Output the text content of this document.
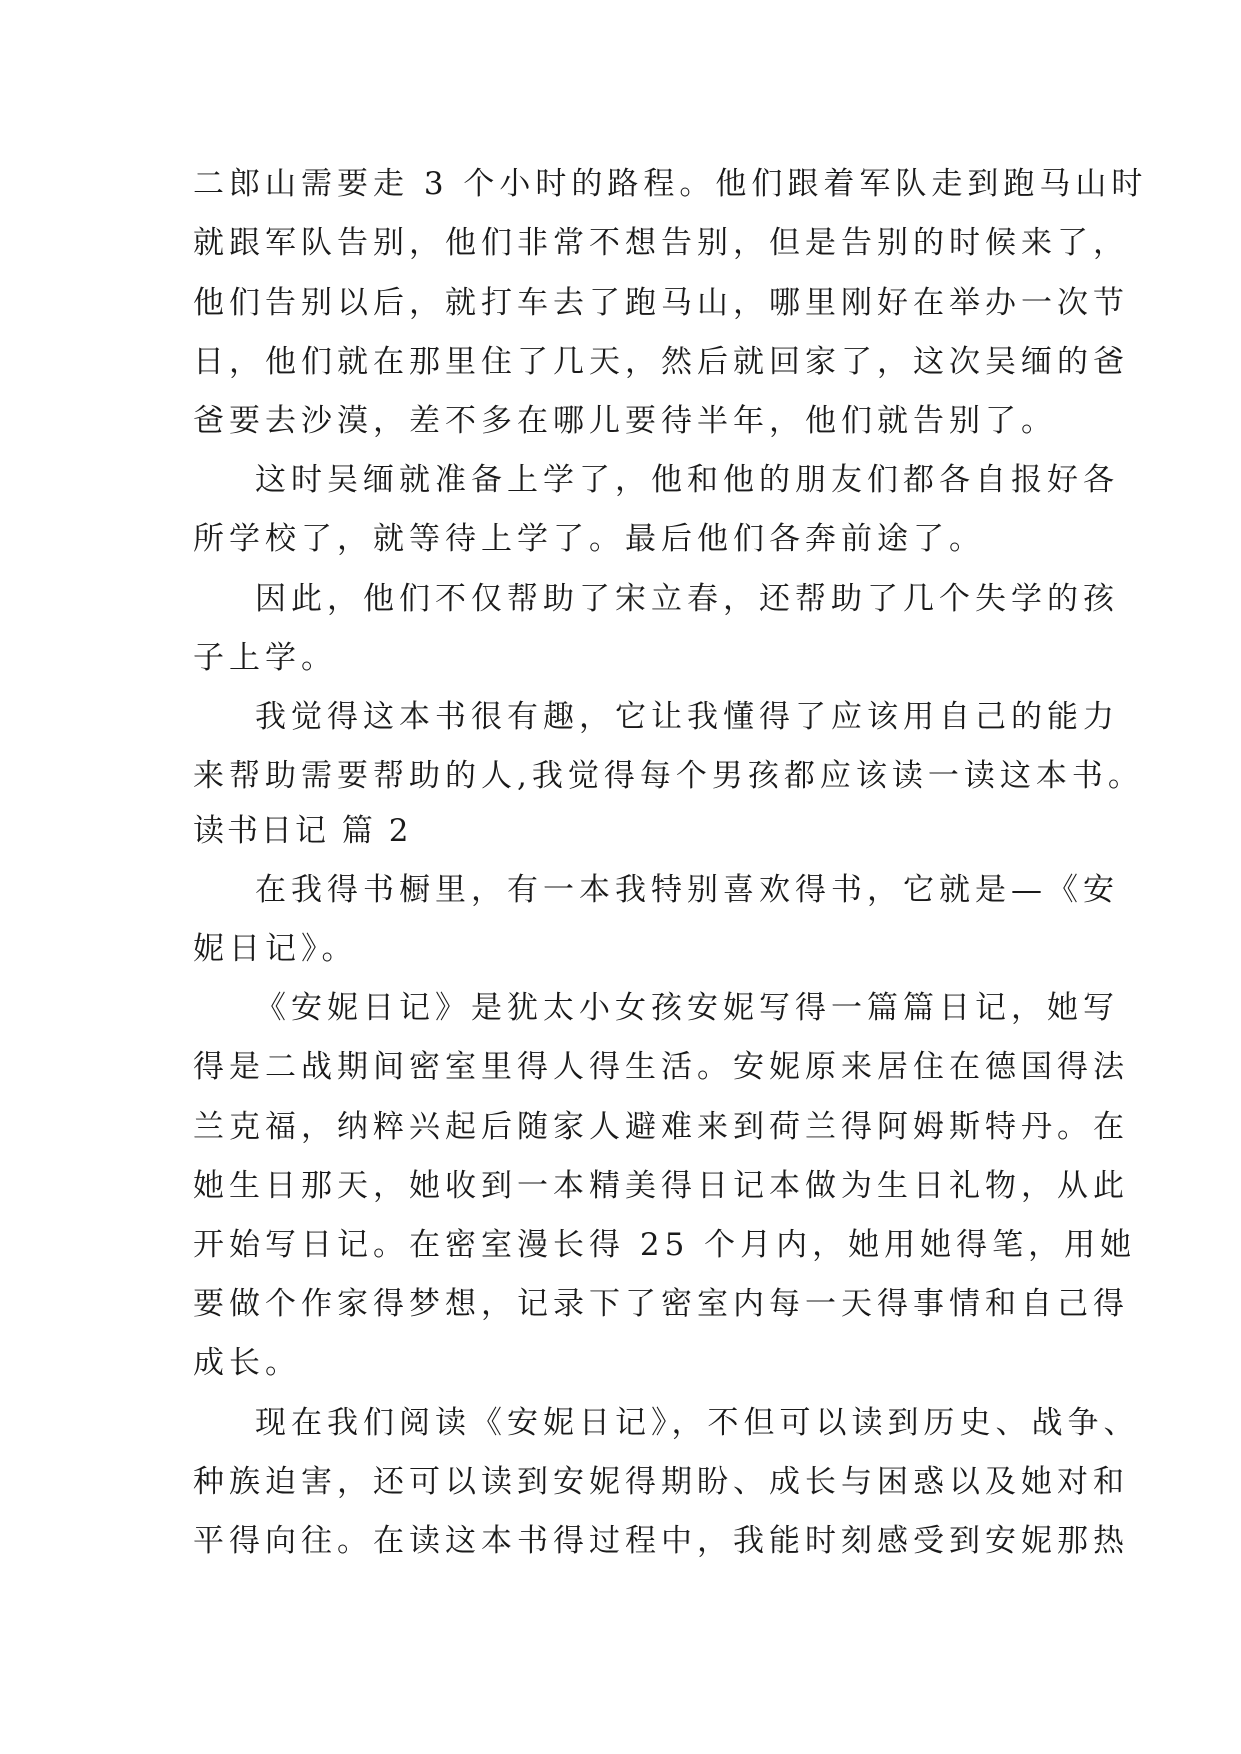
二郎山需要走 3 个小时的路程。他们跟着军队走到跑马山时
就跟军队告别，他们非常不想告别，但是告别的时候来了，
他们告别以后，就打车去了跑马山，哪里刚好在举办一次节
日，他们就在那里住了几天，然后就回家了，这次吴缅的爸
爸要去沙漠，差不多在哪儿要待半年，他们就告别了。
这时吴缅就准备上学了，他和他的朋友们都各自报好各
所学校了，就等待上学了。最后他们各奔前途了。
因此，他们不仅帮助了宋立春，还帮助了几个失学的孩
子上学。
我觉得这本书很有趣，它让我懂得了应该用自己的能力
来帮助需要帮助的人,我觉得每个男孩都应该读一读这本书。
读书日记 篇 2
在我得书橱里，有一本我特别喜欢得书，它就是—《安
妮日记》。
《安妮日记》是犹太小女孩安妮写得一篇篇日记，她写
得是二战期间密室里得人得生活。安妮原来居住在德国得法
兰克福，纳粹兴起后随家人避难来到荷兰得阿姆斯特丹。在
她生日那天，她收到一本精美得日记本做为生日礼物，从此
开始写日记。在密室漫长得 25 个月内，她用她得笔，用她
要做个作家得梦想，记录下了密室内每一天得事情和自己得
成长。
现在我们阅读《安妮日记》，不但可以读到历史、战争、
种族迫害，还可以读到安妮得期盼、成长与困惑以及她对和
平得向往。在读这本书得过程中，我能时刻感受到安妮那热
